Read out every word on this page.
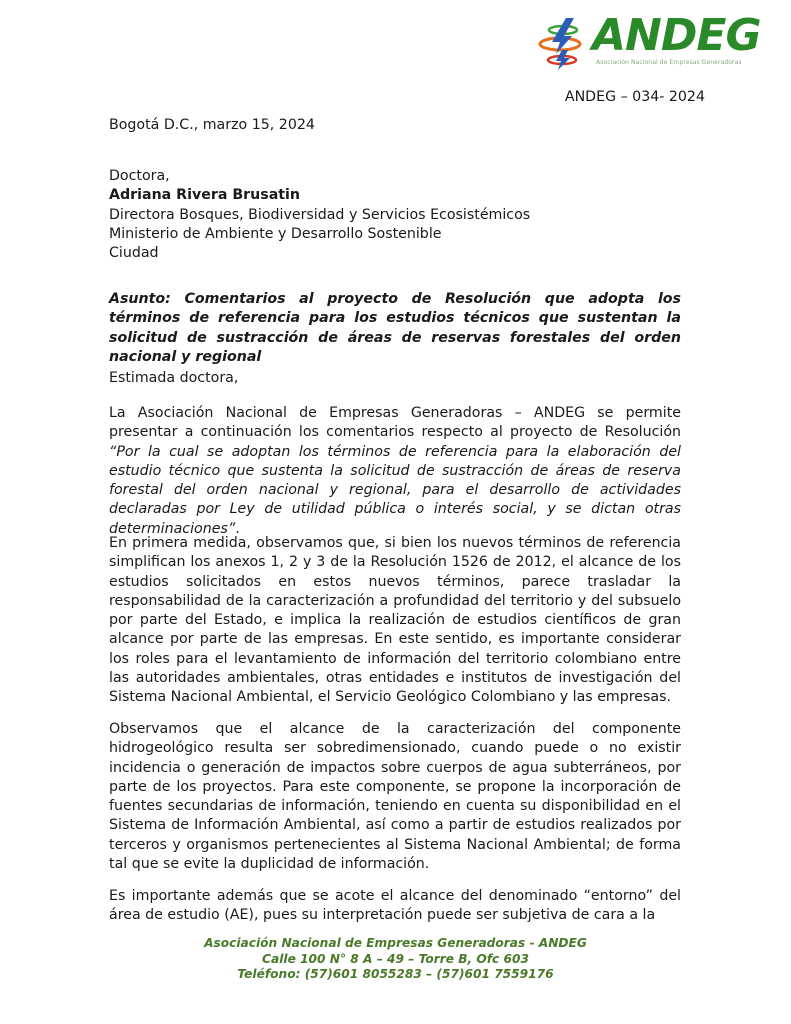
ANDEG
Asociación Nacional de Empresas Generadoras
ANDEG – 034- 2024
Bogotá D.C., marzo 15, 2024
Doctora,
Adriana Rivera Brusatin
Directora Bosques, Biodiversidad y Servicios Ecosistémicos
Ministerio de Ambiente y Desarrollo Sostenible
Ciudad
Asunto: Comentarios al proyecto de Resolución que adopta los términos de referencia para los estudios técnicos que sustentan la solicitud de sustracción de áreas de reservas forestales del orden nacional y regional
Estimada doctora,
La Asociación Nacional de Empresas Generadoras – ANDEG se permite presentar a continuación los comentarios respecto al proyecto de Resolución “Por la cual se adoptan los términos de referencia para la elaboración del estudio técnico que sustenta la solicitud de sustracción de áreas de reserva forestal del orden nacional y regional, para el desarrollo de actividades declaradas por Ley de utilidad pública o interés social, y se dictan otras determinaciones”.
En primera medida, observamos que, si bien los nuevos términos de referencia simplifican los anexos 1, 2 y 3 de la Resolución 1526 de 2012, el alcance de los estudios solicitados en estos nuevos términos, parece trasladar la responsabilidad de la caracterización a profundidad del territorio y del subsuelo por parte del Estado, e implica la realización de estudios científicos de gran alcance por parte de las empresas. En este sentido, es importante considerar los roles para el levantamiento de información del territorio colombiano entre las autoridades ambientales, otras entidades e institutos de investigación del Sistema Nacional Ambiental, el Servicio Geológico Colombiano y las empresas.
Observamos que el alcance de la caracterización del componente hidrogeológico resulta ser sobredimensionado, cuando puede o no existir incidencia o generación de impactos sobre cuerpos de agua subterráneos, por parte de los proyectos. Para este componente, se propone la incorporación de fuentes secundarias de información, teniendo en cuenta su disponibilidad en el Sistema de Información Ambiental, así como a partir de estudios realizados por terceros y organismos pertenecientes al Sistema Nacional Ambiental; de forma tal que se evite la duplicidad de información.
Es importante además que se acote el alcance del denominado “entorno” del área de estudio (AE), pues su interpretación puede ser subjetiva de cara a la
Asociación Nacional de Empresas Generadoras - ANDEG
Calle 100 N° 8 A – 49 – Torre B, Ofc 603
Teléfono: (57)601 8055283 – (57)601 7559176
